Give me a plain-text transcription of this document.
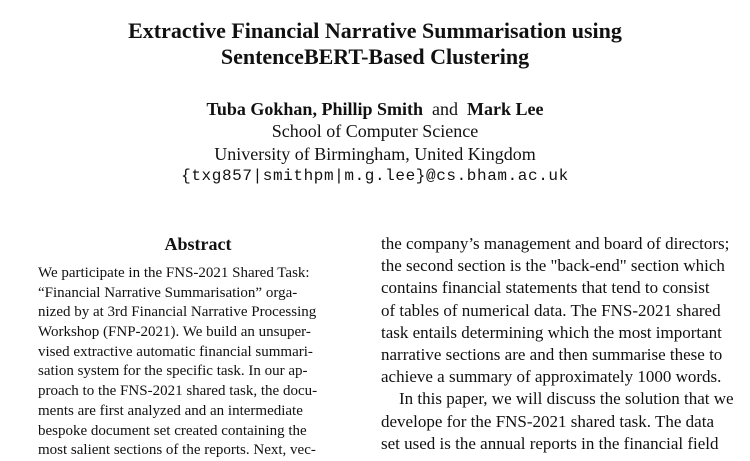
Extractive Financial Narrative Summarisation using
SentenceBERT-Based Clustering
Tuba Gokhan, Phillip Smith and Mark Lee
School of Computer Science
University of Birmingham, United Kingdom
{txg857|smithpm|m.g.lee}@cs.bham.ac.uk
Abstract
We participate in the FNS-2021 Shared Task:
“Financial Narrative Summarisation” orga-
nized by at 3rd Financial Narrative Processing
Workshop (FNP-2021). We build an unsuper-
vised extractive automatic financial summari-
sation system for the specific task. In our ap-
proach to the FNS-2021 shared task, the docu-
ments are first analyzed and an intermediate
bespoke document set created containing the
most salient sections of the reports. Next, vec-
the company’s management and board of directors;
the second section is the "back-end" section which
contains financial statements that tend to consist
of tables of numerical data. The FNS-2021 shared
task entails determining which the most important
narrative sections are and then summarise these to
achieve a summary of approximately 1000 words.
In this paper, we will discuss the solution that we
develope for the FNS-2021 shared task. The data
set used is the annual reports in the financial field
